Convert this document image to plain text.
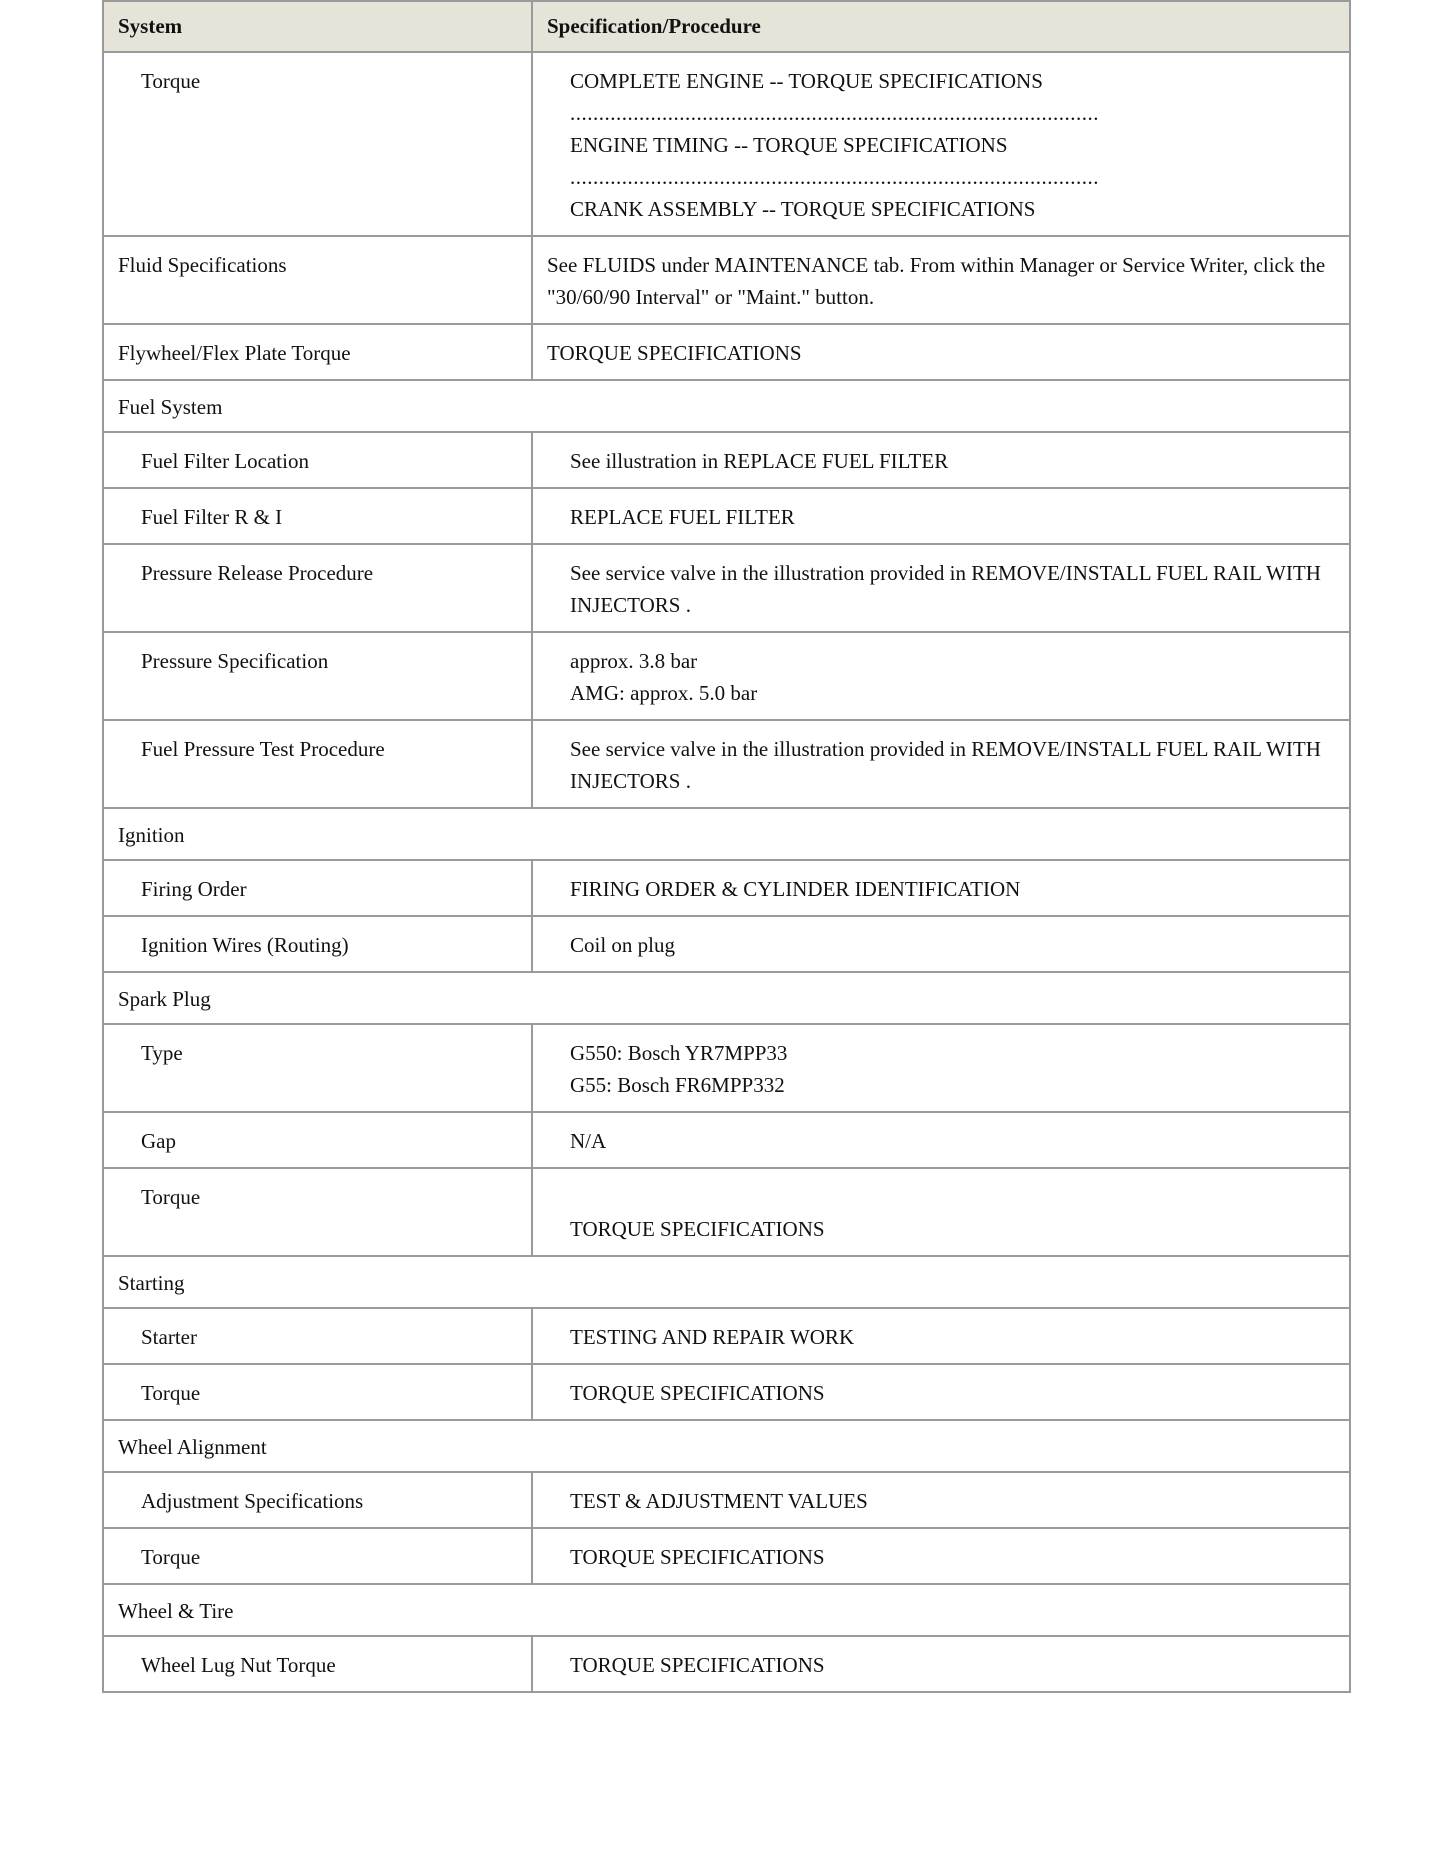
System	Specification/Procedure
Torque	COMPLETE ENGINE -- TORQUE SPECIFICATIONS
............................................................................................
ENGINE TIMING -- TORQUE SPECIFICATIONS
............................................................................................
CRANK ASSEMBLY -- TORQUE SPECIFICATIONS

Fluid Specifications	See FLUIDS under MAINTENANCE tab. From within Manager or Service Writer, click the "30/60/90 Interval" or "Maint." button.
Flywheel/Flex Plate Torque	TORQUE SPECIFICATIONS
Fuel System	
Fuel Filter Location	See illustration in REPLACE FUEL FILTER
Fuel Filter R & I	REPLACE FUEL FILTER
Pressure Release Procedure	See service valve in the illustration provided in REMOVE/INSTALL FUEL RAIL WITH INJECTORS .
Pressure Specification	approx. 3.8 bar
AMG: approx. 5.0 bar

Fuel Pressure Test Procedure	See service valve in the illustration provided in REMOVE/INSTALL FUEL RAIL WITH INJECTORS .
Ignition	
Firing Order	FIRING ORDER & CYLINDER IDENTIFICATION
Ignition Wires (Routing)	Coil on plug
Spark Plug	
Type	G550: Bosch YR7MPP33
G55: Bosch FR6MPP332

Gap	N/A
Torque	TORQUE SPECIFICATIONS

Starting	
Starter	TESTING AND REPAIR WORK
Torque	TORQUE SPECIFICATIONS
Wheel Alignment	
Adjustment Specifications	TEST & ADJUSTMENT VALUES
Torque	TORQUE SPECIFICATIONS
Wheel & Tire	
Wheel Lug Nut Torque	TORQUE SPECIFICATIONS
